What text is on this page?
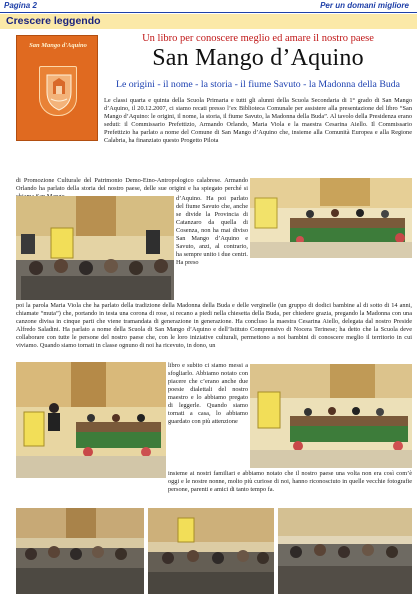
Pagina 2	Per un domani migliore
Crescere leggendo
San Mango d'Aquino
Un libro per conoscere meglio ed amare il nostro paese
San Mango d’Aquino
Le origini - il nome - la storia - il fiume Savuto - la Madonna della Buda
Le classi quarta e quinta della Scuola Primaria e tutti gli alunni della Scuola Secondaria di 1° grado di San Mango d’Aquino, il 20.12.2007, ci siamo recati presso l’ex Biblioteca Comunale per assistere alla presentazione del libro “San Mango d’Aquino: le origini, il nome, la storia, il fiume Savuto, la Madonna della Buda”. Al tavolo della Presidenza erano seduti: il Commissario Prefettizio, Armando Orlando, Maria Viola e la maestra Cesarina Aiello. Il Commissario Prefettizio ha parlato a nome del Comune di San Mango d’Aquino che, insieme alla Comunità Europea e alla Regione Calabria, ha finanziato questo Progetto Pilota
di Promozione Culturale del Patrimonio Demo-Etno-Antropologico calabrese. Armando Orlando ha parlato della storia del nostro paese, delle sue origini e ha spiegato perché si
d’Aquino. Ha poi parlato del fiume Savuto che, anche se divide la Provincia di Catanzaro da quella di Cosenza, non ha mai diviso San Mango d’Aquino e Savuto, anzi, al contrario, ha sempre unito i due centri. Ha preso
poi la parola Maria Viola che ha parlato della tradizione della Madonna della Buda e delle verginelle (un gruppo di dodici bambine al di sotto di 14 anni, chiamate “muta”) che, portando in testa una corona di rose, si recano a piedi nella chiesetta della Buda, per chiedere grazia, pregando la Madonna con una canzone divisa in cinque parti che viene tramandata di generazione in generazione. Ha concluso la maestra Cesarina Aiello, delegata dal nostro Preside Alfredo Saladini. Ha parlato a nome della Scuola di San Mango d’Aquino e dell’Istituto Comprensivo di Nocera Terinese; ha detto che la Scuola deve collaborare con tutte le persone del nostro paese che, con le loro iniziative culturali, permettono a noi bambini di conoscere meglio il territorio in cui viviamo. Quando siamo tornati in classe ognuno di noi ha ricevuto, in dono, un
libro e subito ci siamo messi a sfogliarlo. Abbiamo notato con piacere che c’erano anche due poesie dialettali del nostro maestro e lo abbiamo pregato di leggerle. Quando siamo tornati a casa, lo abbiamo guardato con più attenzione
insieme ai nostri familiari e abbiamo notato che il nostro paese una volta non era così com’è oggi e le nostre nonne, molto più curiose di noi, hanno riconosciuto in quelle vecchie fotografie persone, parenti e amici di tanto tempo fa.
